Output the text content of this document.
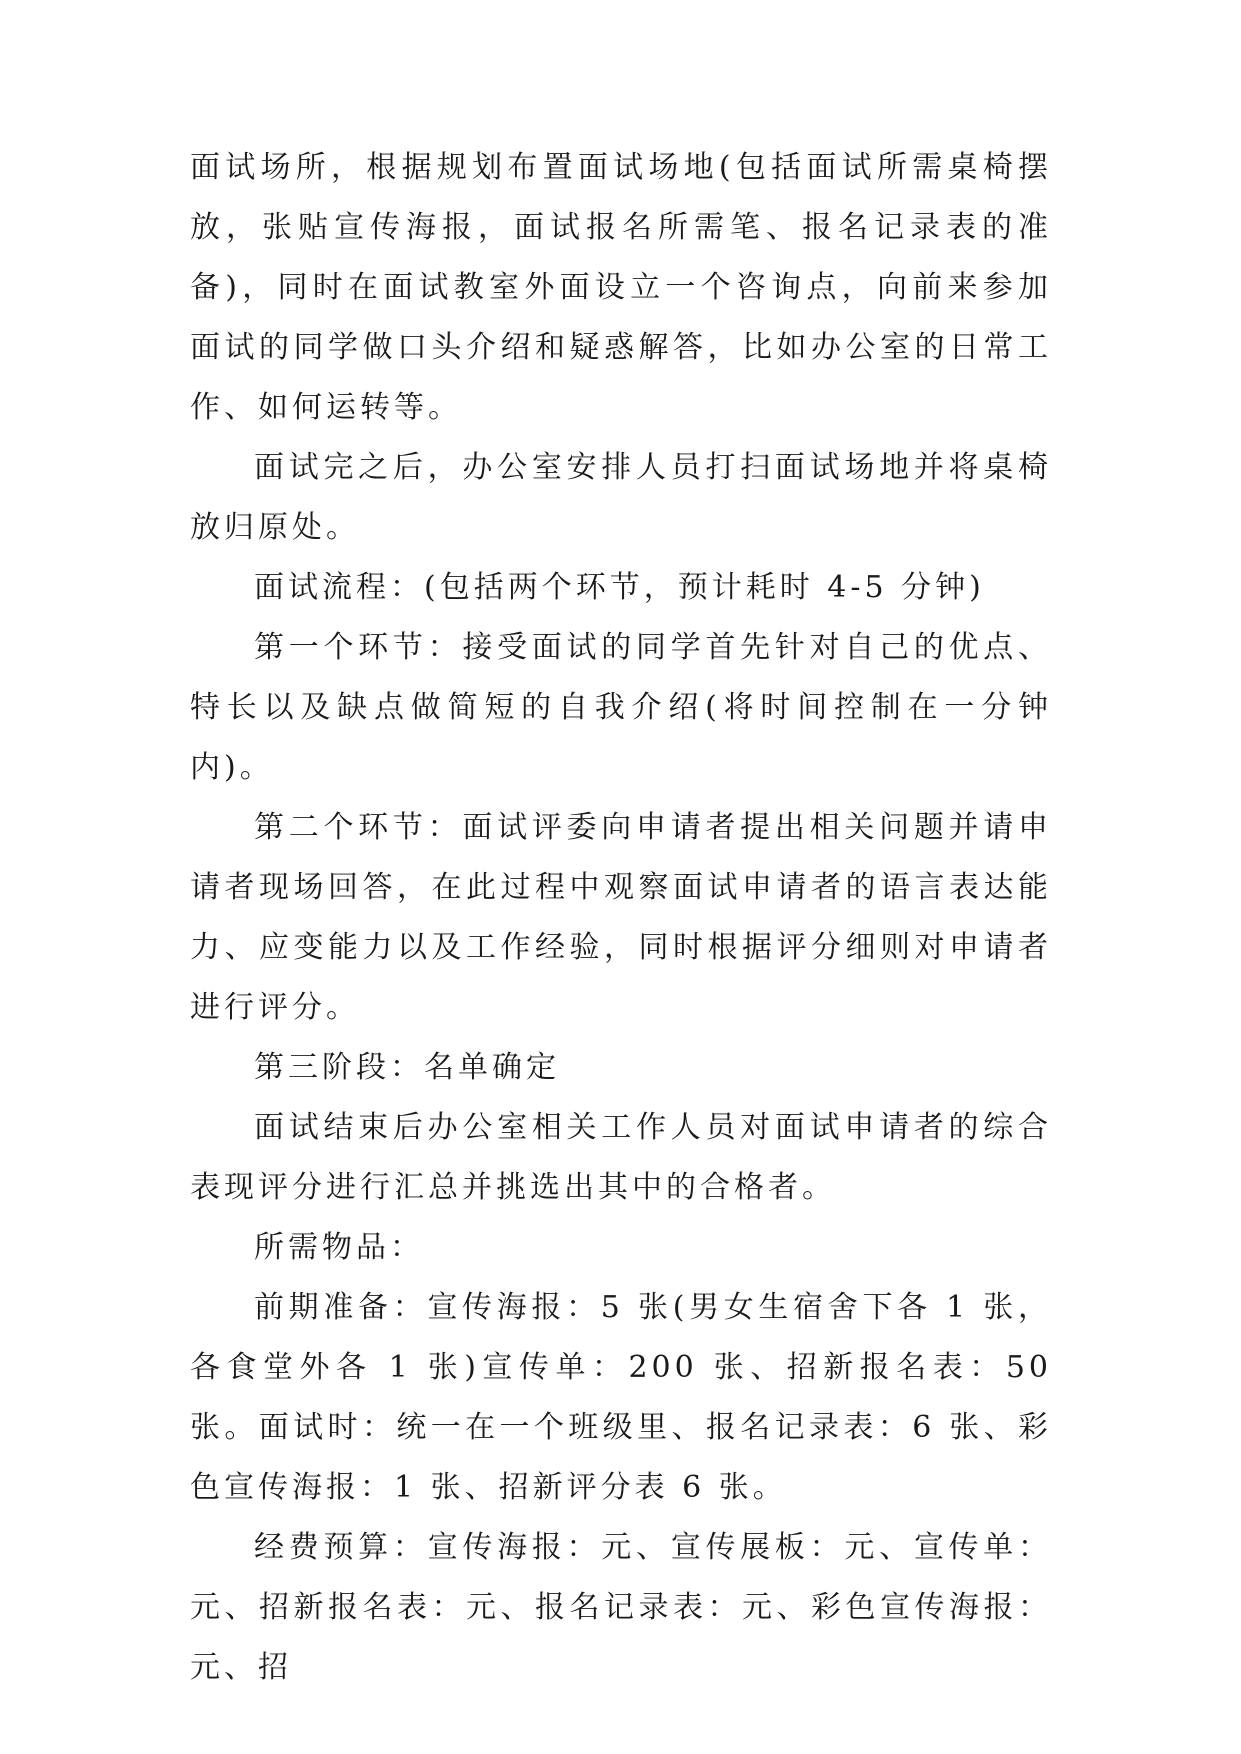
面试场所，根据规划布置面试场地(包括面试所需桌椅摆放，张贴宣传海报，面试报名所需笔、报名记录表的准备)，同时在面试教室外面设立一个咨询点，向前来参加面试的同学做口头介绍和疑惑解答，比如办公室的日常工作、如何运转等。

面试完之后，办公室安排人员打扫面试场地并将桌椅放归原处。

面试流程：(包括两个环节，预计耗时 4-5 分钟)

第一个环节：接受面试的同学首先针对自己的优点、特长以及缺点做简短的自我介绍(将时间控制在一分钟内)。

第二个环节：面试评委向申请者提出相关问题并请申请者现场回答，在此过程中观察面试申请者的语言表达能力、应变能力以及工作经验，同时根据评分细则对申请者进行评分。

第三阶段：名单确定

面试结束后办公室相关工作人员对面试申请者的综合表现评分进行汇总并挑选出其中的合格者。

所需物品：

前期准备：宣传海报：5 张(男女生宿舍下各 1 张，各食堂外各 1 张)宣传单：200 张、招新报名表：50 张。面试时：统一在一个班级里、报名记录表：6 张、彩色宣传海报：1 张、招新评分表 6 张。

经费预算：宣传海报：元、宣传展板：元、宣传单：元、招新报名表：元、报名记录表：元、彩色宣传海报：元、招
